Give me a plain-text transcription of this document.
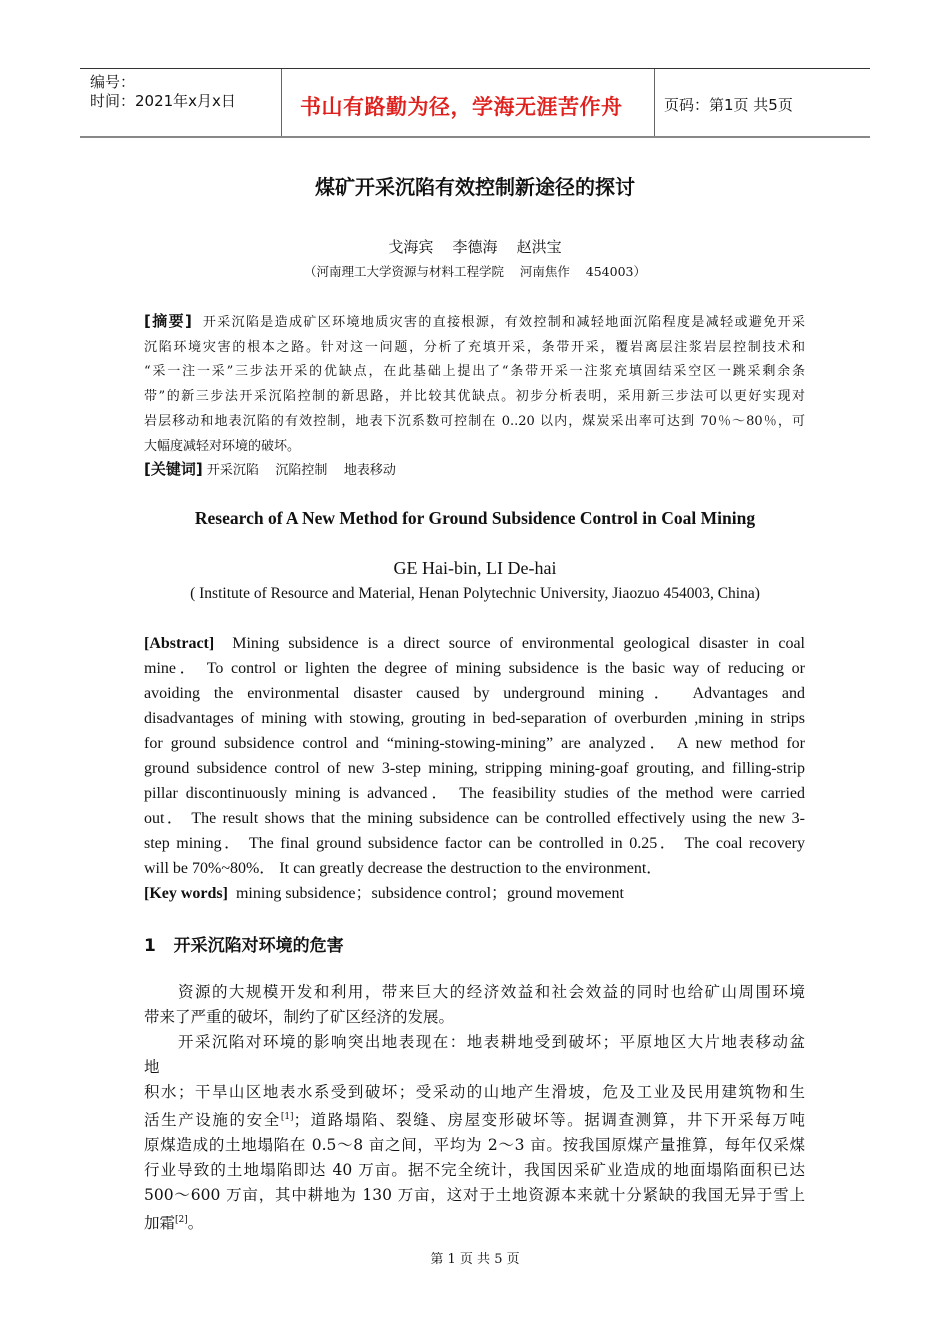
编号：
时间：2021年x月x日	书山有路勤为径，学海无涯苦作舟	页码：第1页 共5页
煤矿开采沉陷有效控制新途径的探讨
戈海宾    李德海    赵洪宝
（河南理工大学资源与材料工程学院    河南焦作    454003）
[摘要]  开采沉陷是造成矿区环境地质灾害的直接根源，有效控制和减轻地面沉陷程度是减轻或避免开采
沉陷环境灾害的根本之路。针对这一问题，分析了充填开采，条带开采，覆岩离层注浆岩层控制技术和
“采一注一采”三步法开采的优缺点，在此基础上提出了“条带开采一注浆充填固结采空区一跳采剩余条
带”的新三步法开采沉陷控制的新思路，并比较其优缺点。初步分析表明，采用新三步法可以更好实现对
岩层移动和地表沉陷的有效控制，地表下沉系数可控制在 0..20 以内，煤炭采出率可达到 70％～80％，可
大幅度减轻对环境的破坏。
[关键词] 开采沉陷    沉陷控制    地表移动
Research of A New Method for Ground Subsidence Control in Coal Mining
GE Hai-bin, LI De-hai
( Institute of Resource and Material, Henan Polytechnic University, Jiaozuo 454003, China)
[Abstract]  Mining subsidence is a direct source of environmental geological disaster in coal
mine． To control or lighten the degree of mining subsidence is the basic way of reducing or
avoiding the environmental disaster caused by underground mining． Advantages and
disadvantages of mining with stowing, grouting in bed-separation of overburden ,mining in strips
for ground subsidence control and “mining-stowing-mining” are analyzed． A new method for
ground subsidence control of new 3-step mining, stripping mining-goaf grouting, and filling-strip
pillar discontinuously mining is advanced． The feasibility studies of the method were carried
out． The result shows that the mining subsidence can be controlled effectively using the new 3-
step mining． The final ground subsidence factor can be controlled in 0.25． The coal recovery
will be 70%~80%． It can greatly decrease the destruction to the environment．
[Key words] mining subsidence；subsidence control；ground movement
1 开采沉陷对环境的危害
　　资源的大规模开发和利用，带来巨大的经济效益和社会效益的同时也给矿山周围环境
带来了严重的破坏，制约了矿区经济的发展。
　　开采沉陷对环境的影响突出地表现在：地表耕地受到破坏；平原地区大片地表移动盆
地
积水；干旱山区地表水系受到破坏；受采动的山地产生滑坡，危及工业及民用建筑物和生
活生产设施的安全[1]；道路塌陷、裂缝、房屋变形破坏等。据调查测算，井下开采每万吨
原煤造成的土地塌陷在 0.5～8 亩之间，平均为 2～3 亩。按我国原煤产量推算，每年仅采煤
行业导致的土地塌陷即达 40 万亩。据不完全统计，我国因采矿业造成的地面塌陷面积已达
500～600 万亩，其中耕地为 130 万亩，这对于土地资源本来就十分紧缺的我国无异于雪上
加霜[2]。
第 1 页 共 5 页
